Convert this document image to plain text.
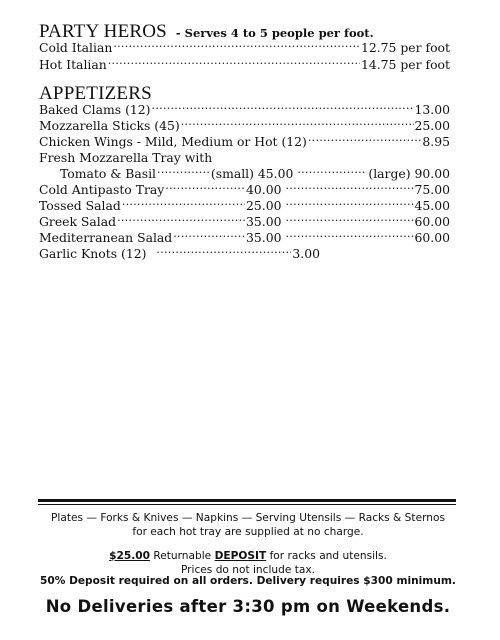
PARTY HEROS - Serves 4 to 5 people per foot.
Cold Italian .....	12.75 per foot
Hot Italian .....	14.75 per foot
APPETIZERS
Baked Clams (12) .....	13.00
Mozzarella Sticks (45) .....	25.00
Chicken Wings - Mild, Medium or Hot (12) .....	8.95
Fresh Mozzarella Tray with
Tomato & Basil .....	(small) 45.00 .....	(large) 90.00
Cold Antipasto Tray .....	40.00 .....	75.00
Tossed Salad .....	25.00 .....	45.00
Greek Salad .....	35.00 .....	60.00
Mediterranean Salad .....	35.00 .....	60.00
Garlic Knots (12) .....	3.00
Plates — Forks & Knives — Napkins — Serving Utensils — Racks & Sternos
for each hot tray are supplied at no charge.
$25.00 Returnable DEPOSIT for racks and utensils.
Prices do not include tax.
50% Deposit required on all orders. Delivery requires $300 minimum.
No Deliveries after 3:30 pm on Weekends.
